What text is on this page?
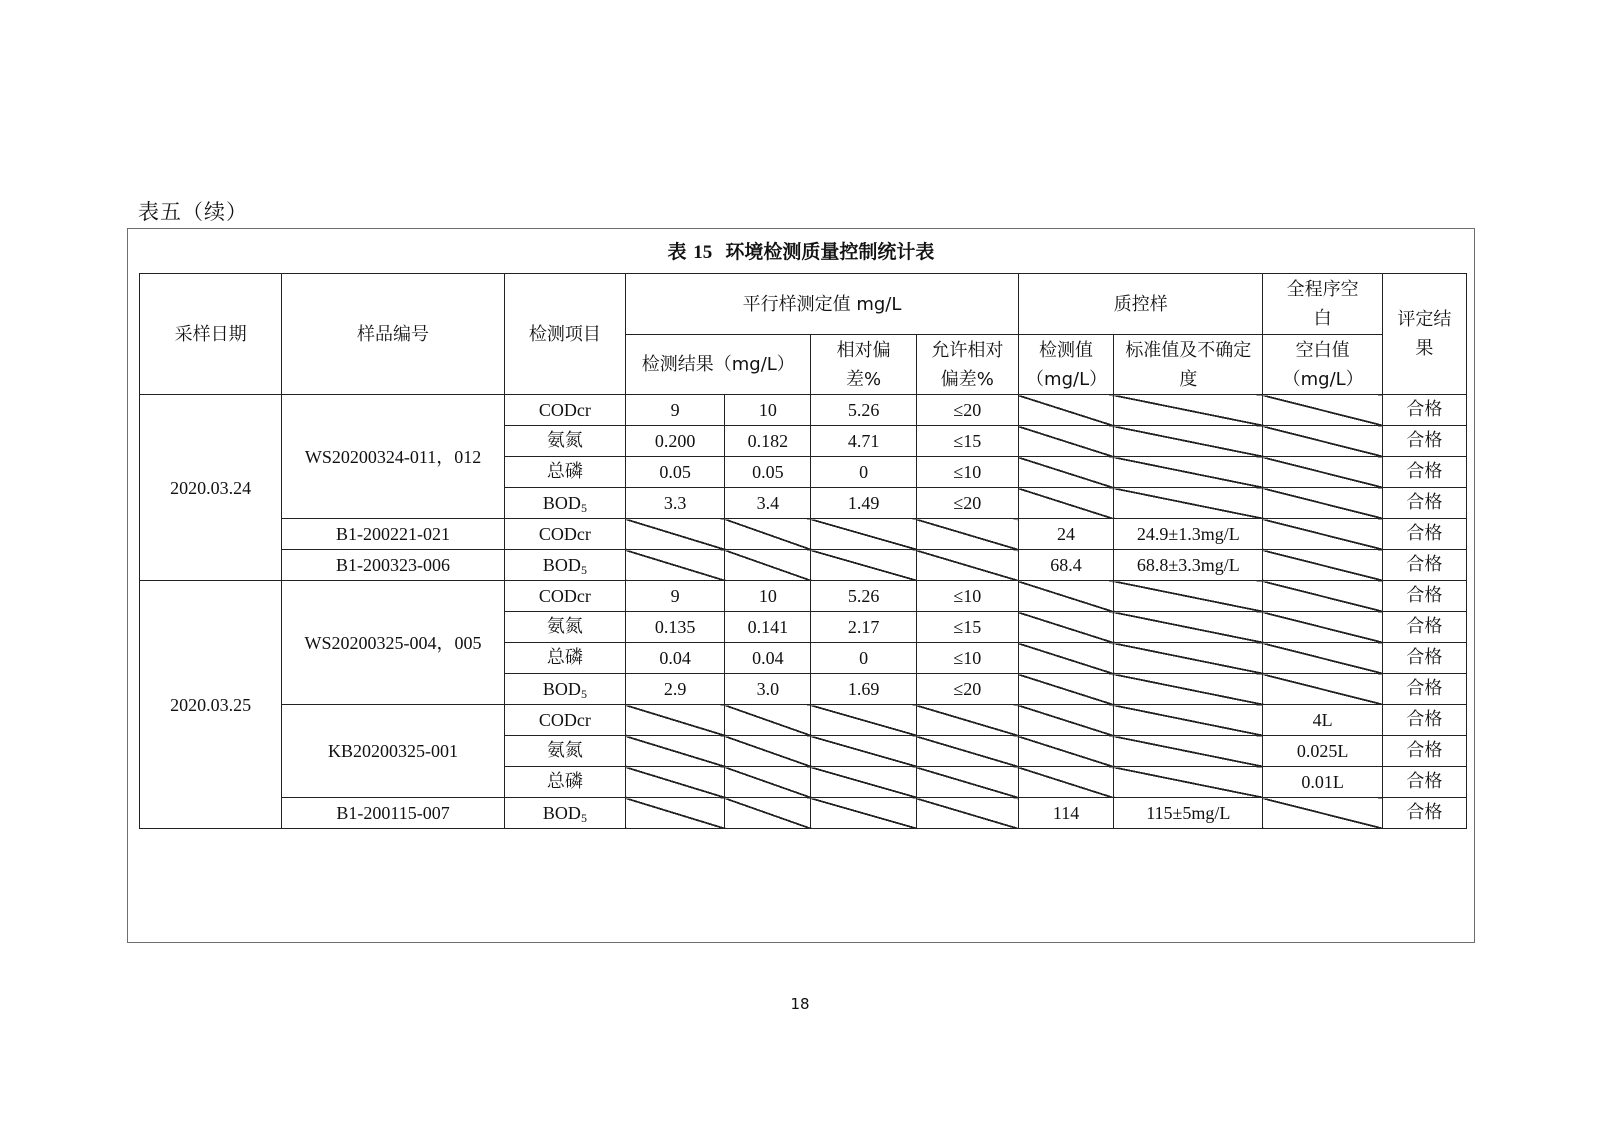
表五（续）
表 15 环境检测质量控制统计表
采样日期	样品编号	检测项目	平行样测定值 mg/L				质控样		全程序空白	评定结果

			检测结果（mg/L）		相对偏差%	允许相对偏差%	检测值（mg/L）	标准值及不确定度	空白值（mg/L）	

2020.03.24	WS20200324-011，012	CODcr	9	10	5.26	≤20				合格
		氨氮	0.200	0.182	4.71	≤15				合格
		总磷	0.05	0.05	0	≤10				合格
		$BOD_5$	3.3	3.4	1.49	≤20				合格
	B1-200221-021	CODcr					24	24.9±1.3mg/L		合格
	B1-200323-006	$BOD_5$					68.4	68.8±3.3mg/L		合格
2020.03.25	WS20200325-004，005	CODcr	9	10	5.26	≤10				合格
		氨氮	0.135	0.141	2.17	≤15				合格
		总磷	0.04	0.04	0	≤10				合格
		$BOD_5$	2.9	3.0	1.69	≤20				合格
	KB20200325-001	CODcr							4L	合格
		氨氮							0.025L	合格
		总磷							0.01L	合格
	B1-200115-007	$BOD_5$					114	115±5mg/L		合格
18
